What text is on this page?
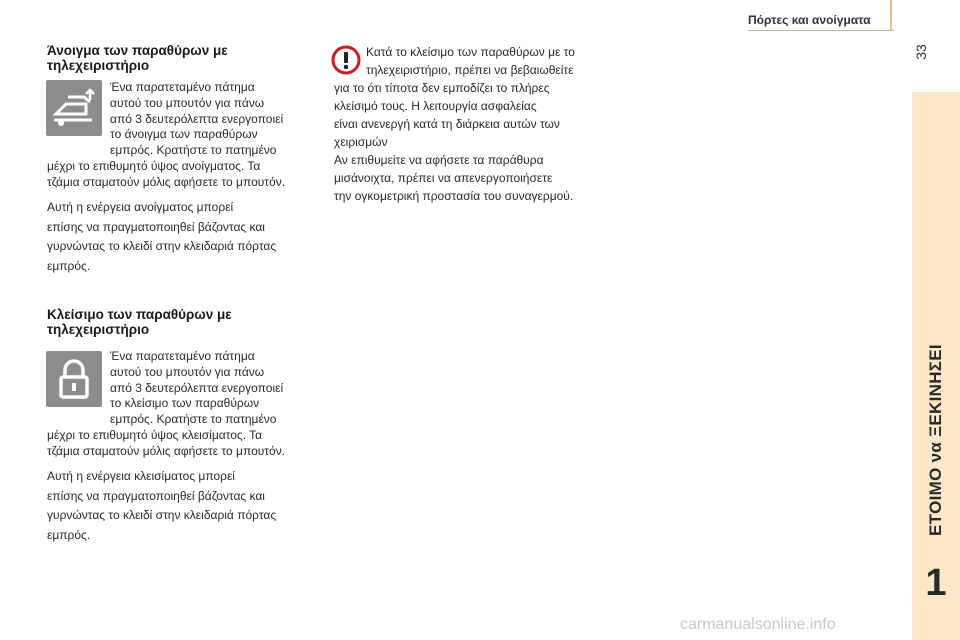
Πόρτες και ανοίγματα
33
ΕΤΟΙΜΟ να ΞΕΚΙΝΗΣΕΙ
1
Άνοιγμα των παραθύρων με
τηλεχειριστήριο
Ένα παρατεταμένο πάτημα
αυτού του μπουτόν για πάνω
από 3 δευτερόλεπτα ενεργοποιεί
το άνοιγμα των παραθύρων
εμπρός. Κρατήστε το πατημένο
μέχρι το επιθυμητό ύψος ανοίγματος. Τα
τζάμια σταματούν μόλις αφήσετε το μπουτόν.
Αυτή η ενέργεια ανοίγματος μπορεί
επίσης να πραγματοποιηθεί βάζοντας και
γυρνώντας το κλειδί στην κλειδαριά πόρτας
εμπρός.
Κλείσιμο των παραθύρων με
τηλεχειριστήριο
Ένα παρατεταμένο πάτημα
αυτού του μπουτόν για πάνω
από 3 δευτερόλεπτα ενεργοποιεί
το κλείσιμο των παραθύρων
εμπρός. Κρατήστε το πατημένο
μέχρι το επιθυμητό ύψος κλεισίματος. Τα
τζάμια σταματούν μόλις αφήσετε το μπουτόν.
Αυτή η ενέργεια κλεισίματος μπορεί
επίσης να πραγματοποιηθεί βάζοντας και
γυρνώντας το κλειδί στην κλειδαριά πόρτας
εμπρός.
Κατά το κλείσιμο των παραθύρων με το
τηλεχειριστήριο, πρέπει να βεβαιωθείτε
για το ότι τίποτα δεν εμποδίζει το πλήρες
κλείσιμό τους. Η λειτουργία ασφαλείας
είναι ανενεργή κατά τη διάρκεια αυτών των
χειρισμών
Αν επιθυμείτε να αφήσετε τα παράθυρα
μισάνοιχτα, πρέπει να απενεργοποιήσετε
την ογκομετρική προστασία του συναγερμού.
carmanualsonline.info
